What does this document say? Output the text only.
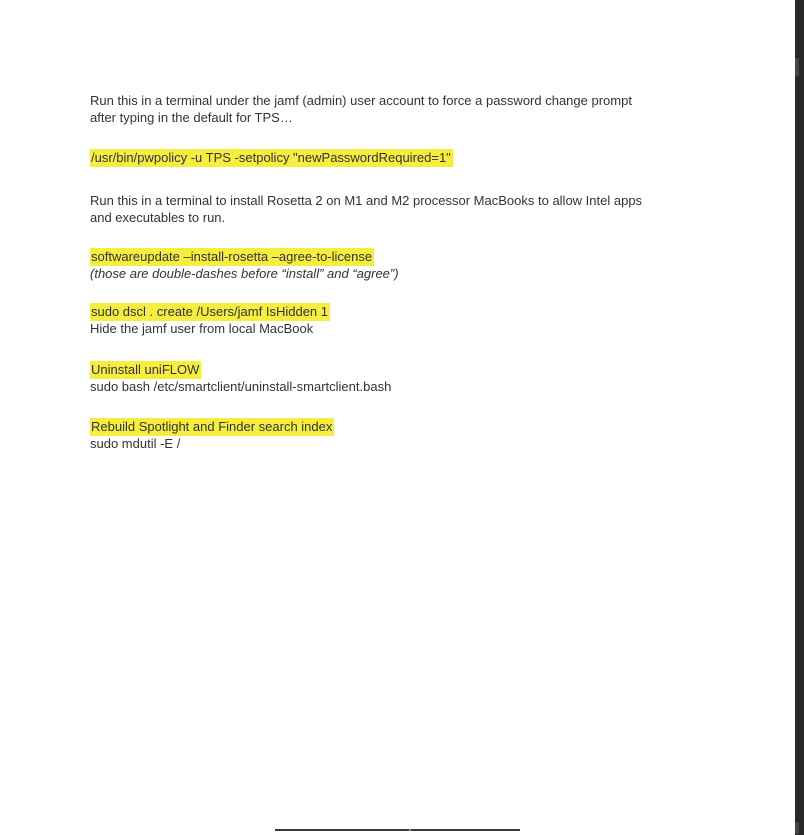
Run this in a terminal under the jamf (admin) user account to force a password change prompt
after typing in the default for TPS…
/usr/bin/pwpolicy -u TPS -setpolicy "newPasswordRequired=1"
Run this in a terminal to install Rosetta 2 on M1 and M2 processor MacBooks to allow Intel apps
and executables to run.
softwareupdate –install-rosetta –agree-to-license
(those are double-dashes before “install” and “agree”)
sudo dscl . create /Users/jamf IsHidden 1
Hide the jamf user from local MacBook
Uninstall uniFLOW
sudo bash /etc/smartclient/uninstall-smartclient.bash
Rebuild Spotlight and Finder search index
sudo mdutil -E /
